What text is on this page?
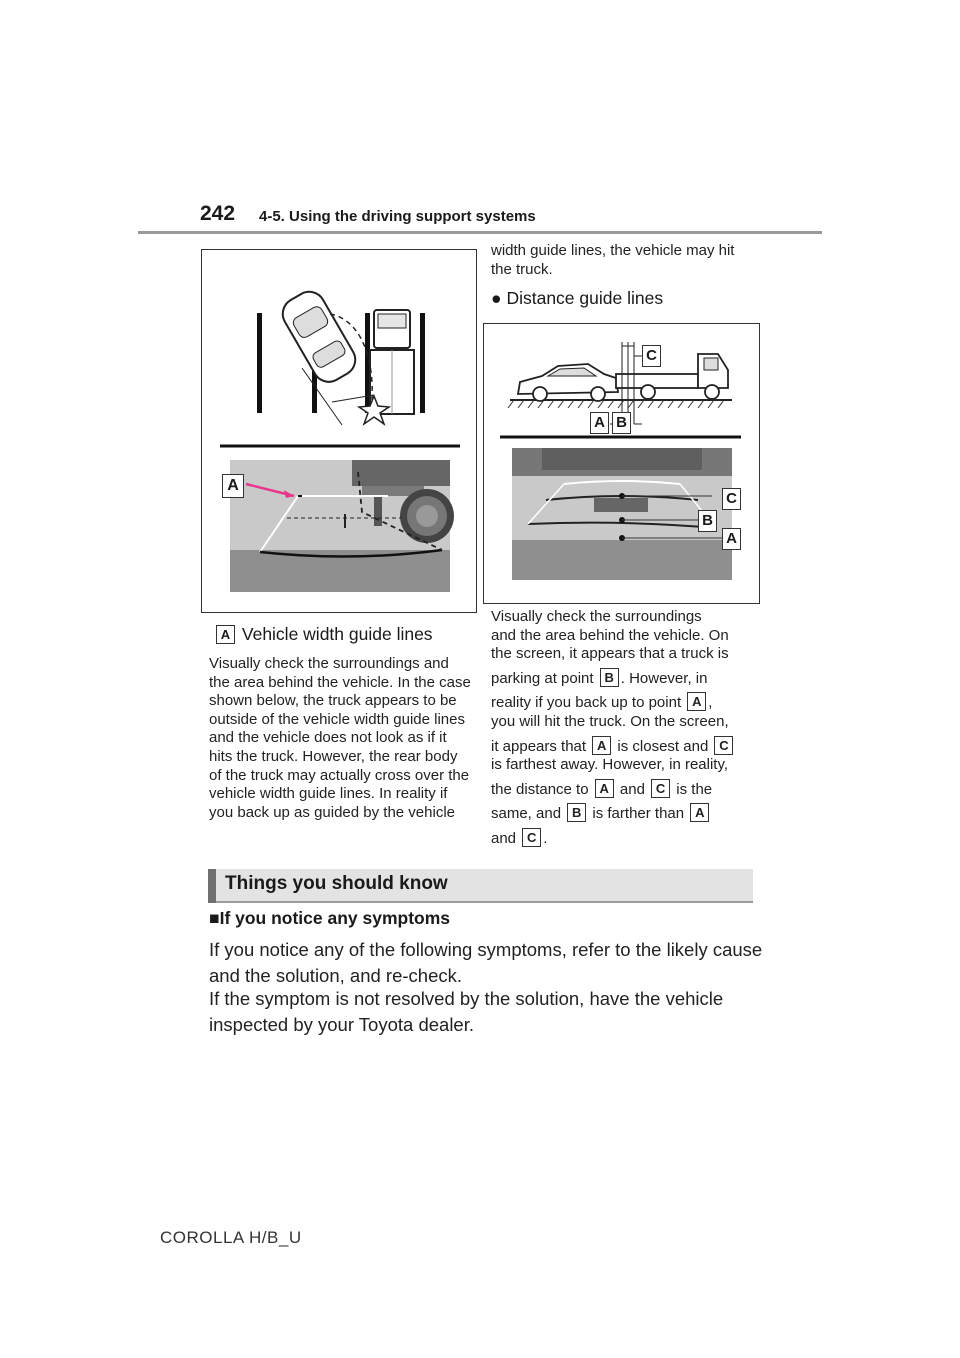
242 4-5. Using the driving support systems
A
C
A B
C
B
A
A Vehicle width guide lines
Visually check the surroundings and the area behind the vehicle. In the case shown below, the truck appears to be outside of the vehicle width guide lines and the vehicle does not look as if it hits the truck. However, the rear body of the truck may actually cross over the vehicle width guide lines. In reality if you back up as guided by the vehicle
width guide lines, the vehicle may hit the truck.
● Distance guide lines

Visually check the surroundings

and the area behind the vehicle. On

the screen, it appears that a truck is

parking at point B . However, in

reality if you back up to point A ,

you will hit the truck. On the screen,

it appears that A is closest and C

is farthest away. However, in reality,

the distance to A and C is the

same, and B is farther than A

and C .

Things you should know
■If you notice any symptoms
If you notice any of the following symptoms, refer to the likely cause and the solution, and re-check.
If the symptom is not resolved by the solution, have the vehicle inspected by your Toyota dealer.
COROLLA H/B_U
